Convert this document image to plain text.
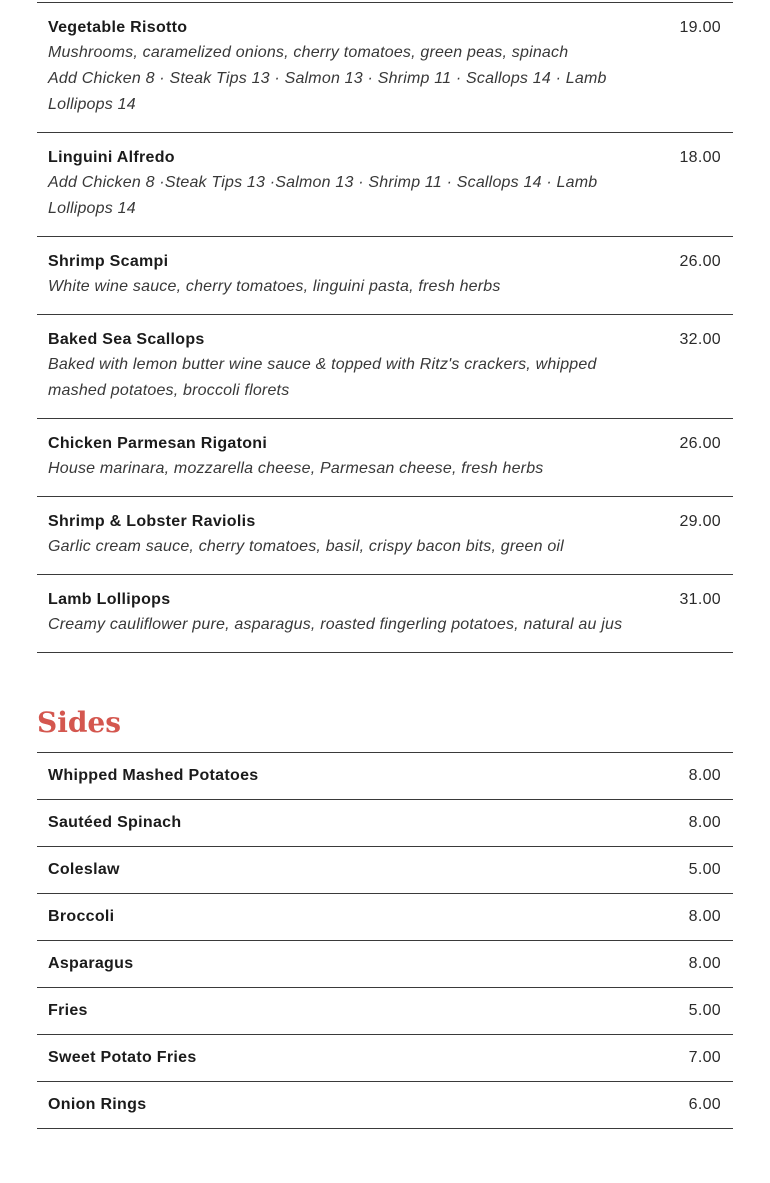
Vegetable Risotto	19.00

Mushrooms, caramelized onions, cherry tomatoes, green peas, spinach

Add Chicken 8 · Steak Tips 13 · Salmon 13 · Shrimp 11 · Scallops 14 · Lamb Lollipops 14

Linguini Alfredo	18.00

Add Chicken 8 ·Steak Tips 13 ·Salmon 13 · Shrimp 11 · Scallops 14 · Lamb Lollipops 14

Shrimp Scampi	26.00

White wine sauce, cherry tomatoes, linguini pasta, fresh herbs

Baked Sea Scallops	32.00

Baked with lemon butter wine sauce & topped with Ritz's crackers, whipped mashed potatoes, broccoli florets

Chicken Parmesan Rigatoni	26.00

House marinara, mozzarella cheese, Parmesan cheese, fresh herbs

Shrimp & Lobster Raviolis	29.00

Garlic cream sauce, cherry tomatoes, basil, crispy bacon bits, green oil

Lamb Lollipops	31.00

Creamy cauliflower pure, asparagus, roasted fingerling potatoes, natural au jus

Sides
Whipped Mashed Potatoes	8.00
Sautéed Spinach	8.00
Coleslaw	5.00
Broccoli	8.00
Asparagus	8.00
Fries	5.00
Sweet Potato Fries	7.00
Onion Rings	6.00
